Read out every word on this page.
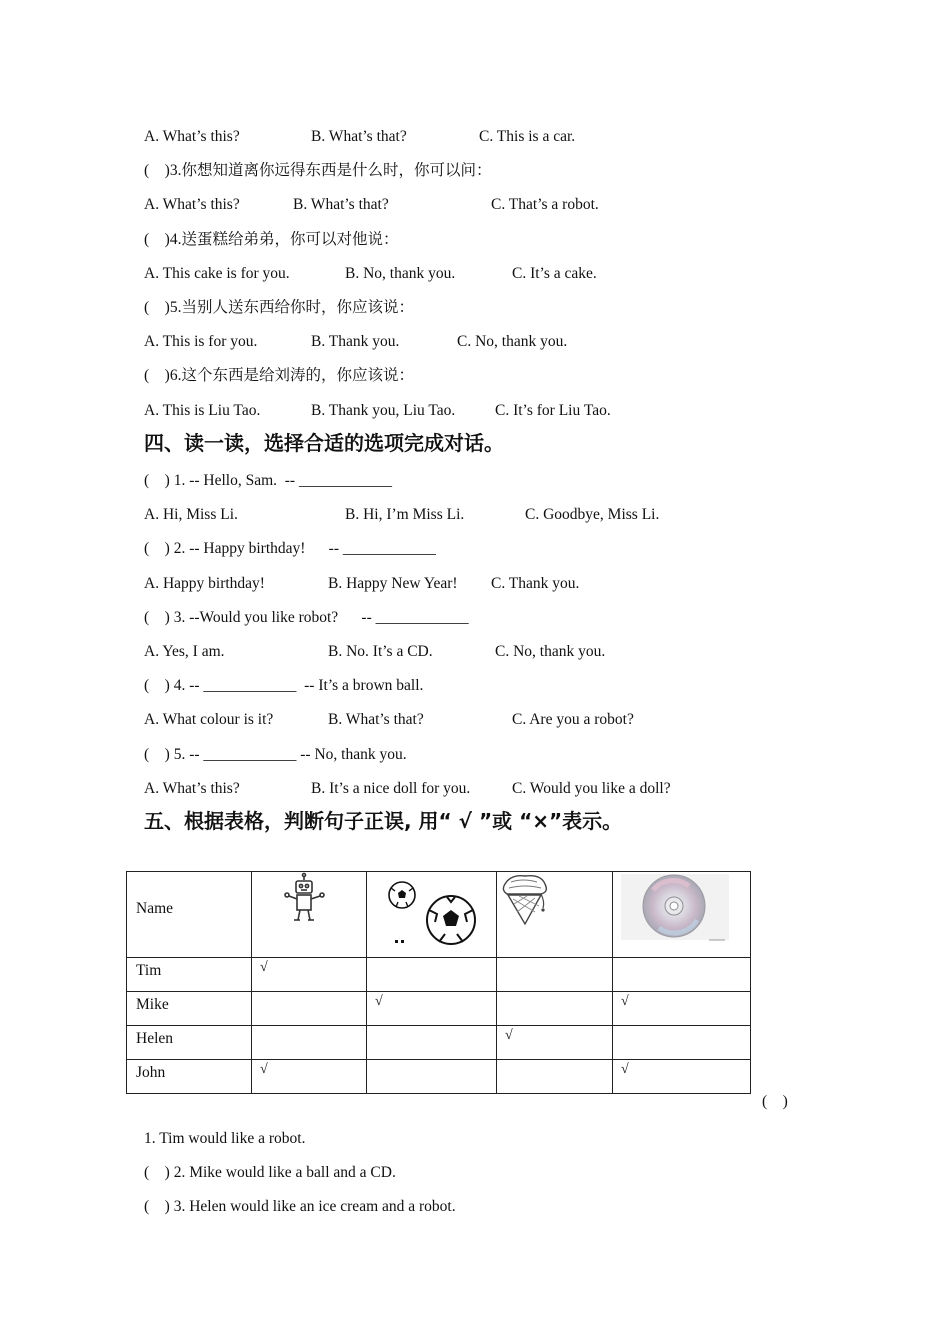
A. What’s this?	B. What’s that?	C. This is a car.
(    )3.你想知道离你远得东西是什么时，你可以问：
A. What’s this?	B. What’s that?	C. That’s a robot.
(    )4.送蛋糕给弟弟，你可以对他说：
A. This cake is for you.	B. No, thank you.	C. It’s a cake.
(    )5.当别人送东西给你时，你应该说：
A. This is for you.	B. Thank you.	C. No, thank you.
(    )6.这个东西是给刘涛的，你应该说：
A. This is Liu Tao.	B. Thank you, Liu Tao.	C. It’s for Liu Tao.
四、读一读，选择合适的选项完成对话。
(    ) 1. -- Hello, Sam.  -- ____________
A. Hi, Miss Li.	B. Hi, I’m Miss Li.	C. Goodbye, Miss Li.
(    ) 2. -- Happy birthday!      -- ____________
A. Happy birthday!	B. Happy New Year! C. Thank you.
(    ) 3. --Would you like robot?      -- ____________
A. Yes, I am.	B. No. It’s a CD.	C. No, thank you.
(    ) 4. -- ____________  -- It’s a brown ball.
A. What colour is it?	B. What’s that?	C. Are you a robot?
(    ) 5. -- ____________ -- No, thank you.
A. What’s this?	B. It’s a nice doll for you.	C. Would you like a doll?
五、根据表格，判断句子正误, 用“ √ ”或 “×”表示。
Name

Tim	√			

Mike		√		√

Helen			√	

John	√			√
(    )
1. Tim would like a robot.
(    ) 2. Mike would like a ball and a CD.
(    ) 3. Helen would like an ice cream and a robot.
